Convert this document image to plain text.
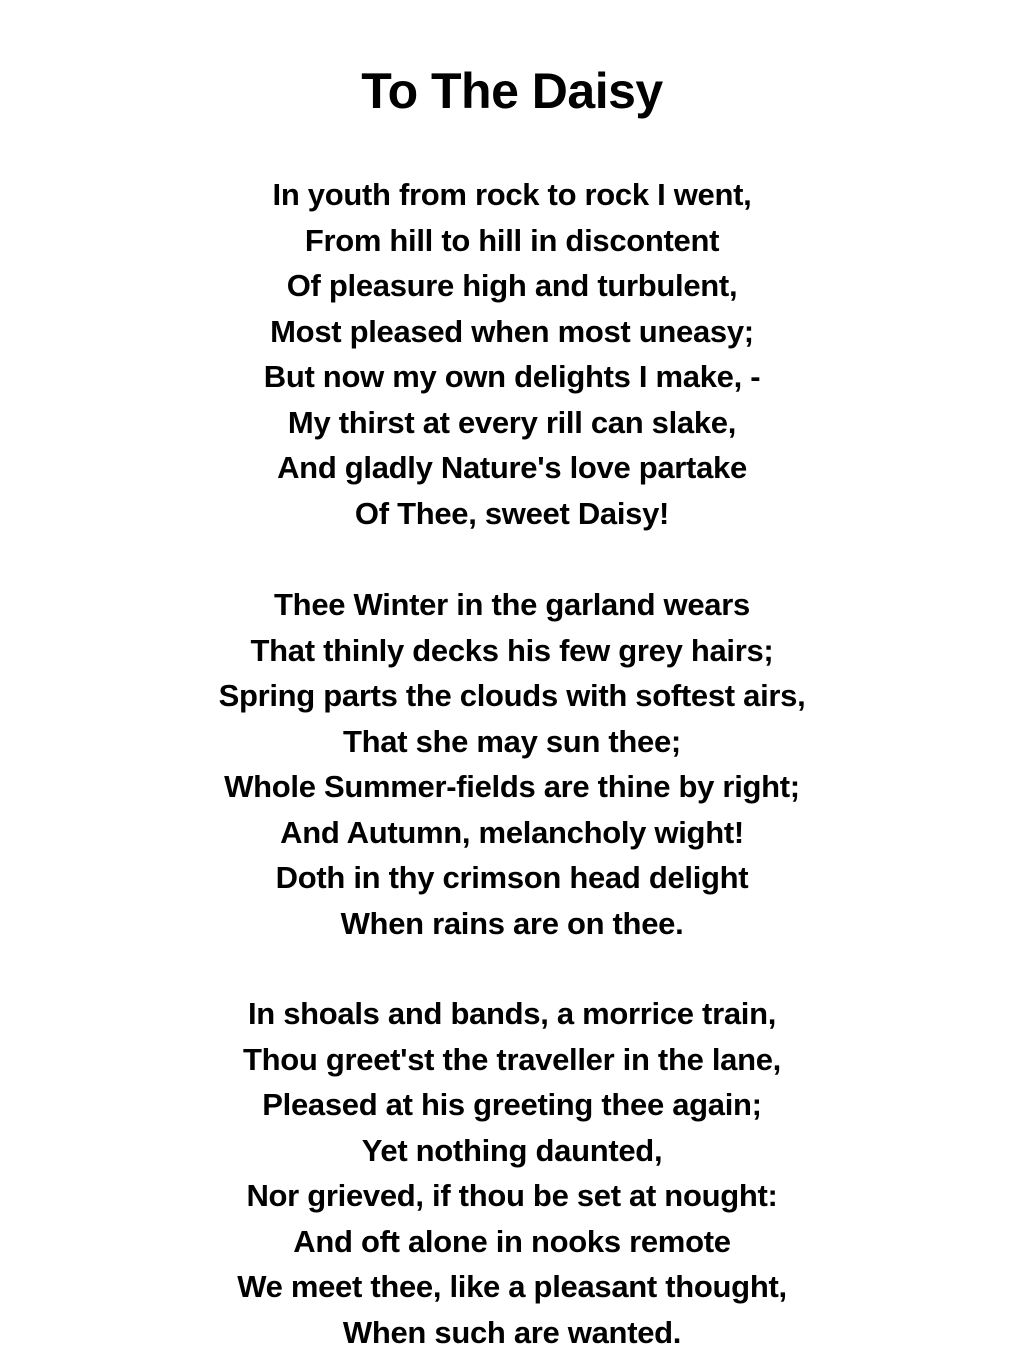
To The Daisy
In youth from rock to rock I went,
From hill to hill in discontent
Of pleasure high and turbulent,
Most pleased when most uneasy;
But now my own delights I make, -
My thirst at every rill can slake,
And gladly Nature's love partake
Of Thee, sweet Daisy!
Thee Winter in the garland wears
That thinly decks his few grey hairs;
Spring parts the clouds with softest airs,
That she may sun thee;
Whole Summer-fields are thine by right;
And Autumn, melancholy wight!
Doth in thy crimson head delight
When rains are on thee.
In shoals and bands, a morrice train,
Thou greet'st the traveller in the lane,
Pleased at his greeting thee again;
Yet nothing daunted,
Nor grieved, if thou be set at nought:
And oft alone in nooks remote
We meet thee, like a pleasant thought,
When such are wanted.
